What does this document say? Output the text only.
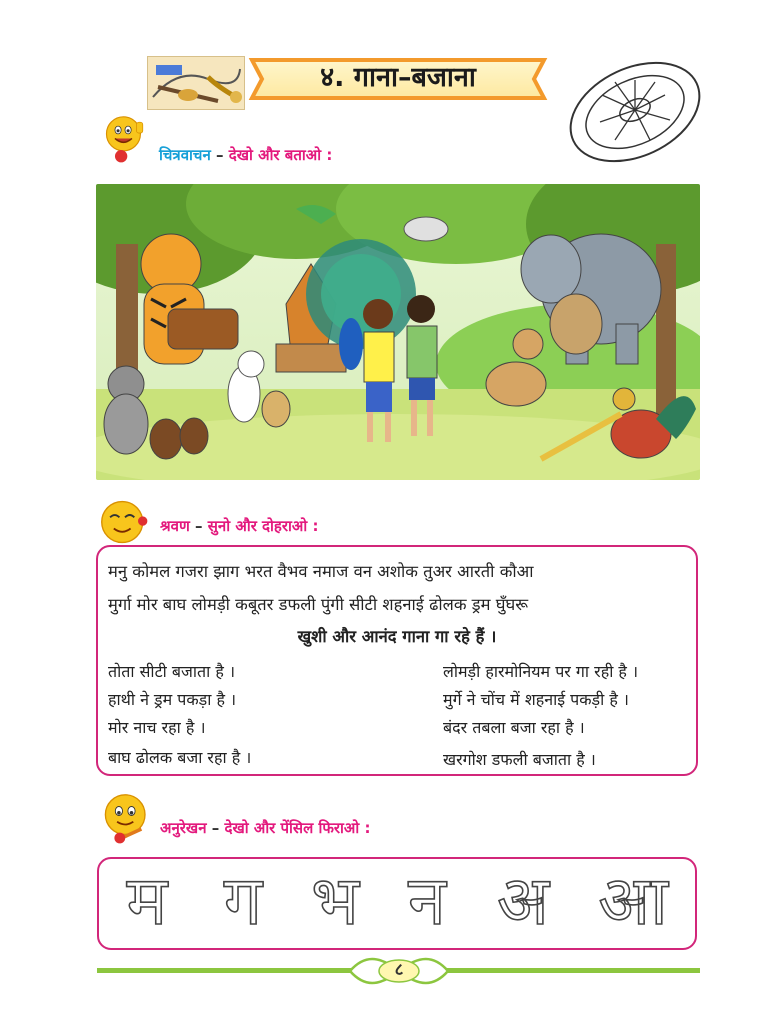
४. गाना–बजाना
चित्रवाचन – देखो और बताओ :
श्रवण – सुनो और दोहराओ :
मनु कोमल गजरा झाग भरत वैभव नमाज वन अशोक तुअर आरती कौआ
मुर्गा मोर बाघ लोमड़ी कबूतर डफली पुंगी सीटी शहनाई ढोलक ड्रम घुँघरू
खुशी और आनंद गाना गा रहे हैं ।
तोता सीटी बजाता है ।
हाथी ने ड्रम पकड़ा है ।
मोर नाच रहा है ।
बाघ ढोलक बजा रहा है ।
लोमड़ी हारमोनियम पर गा रही है ।
मुर्गे ने चोंच में शहनाई पकड़ी है ।
बंदर तबला बजा रहा है ।
खरगोश डफली बजाता है ।
अनुरेखन – देखो और पेंसिल फिराओ :
म ग भ न अ आ
८
